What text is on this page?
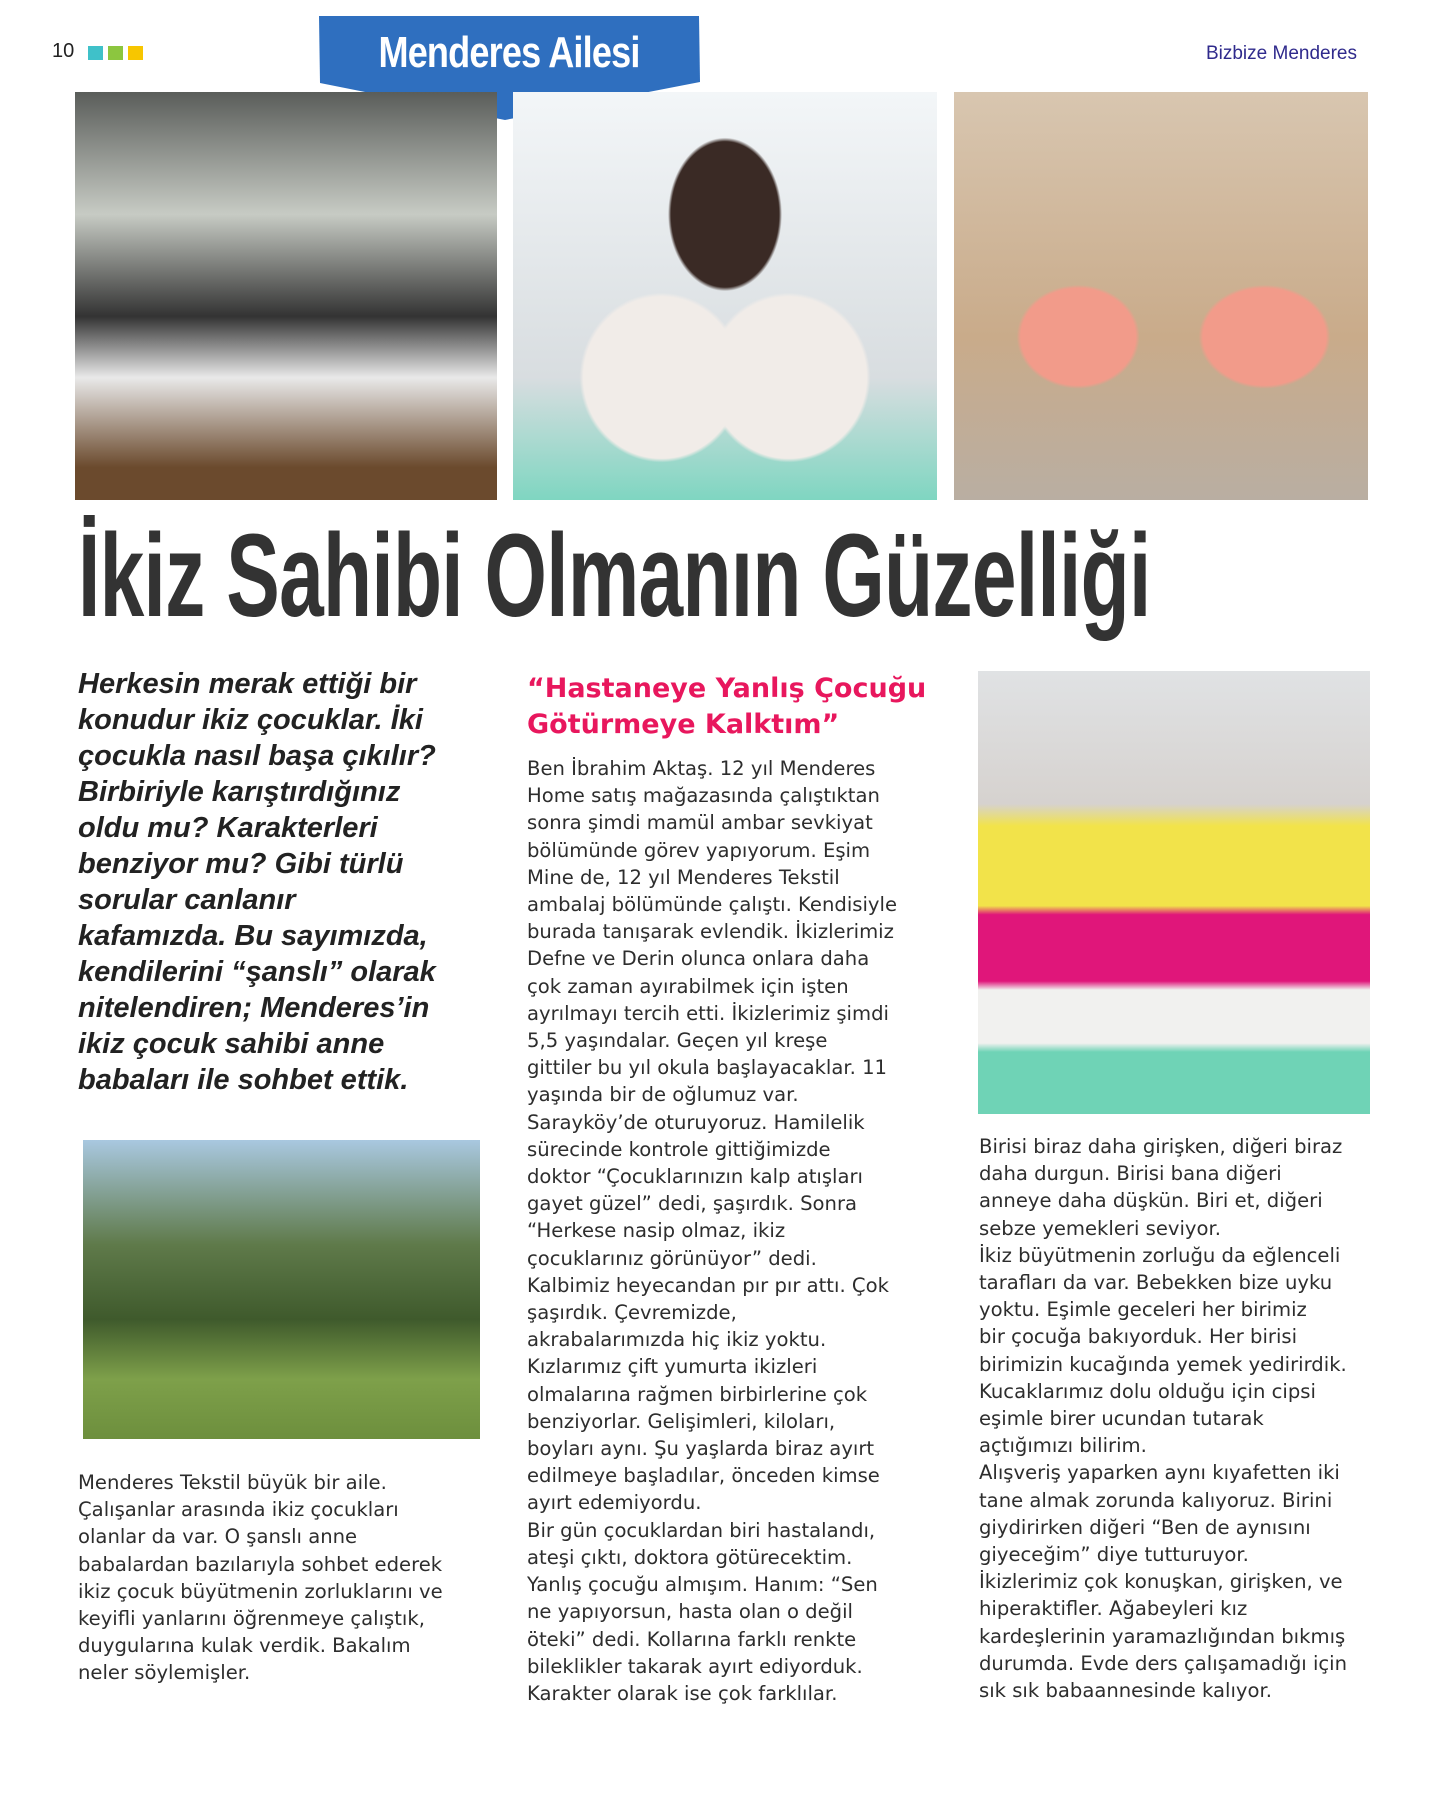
10	Menderes Ailesi	Bizbize Menderes
İkiz Sahibi Olmanın Güzelliği
Herkesin merak ettiği bir
konudur ikiz çocuklar. İki
çocukla nasıl başa çıkılır?
Birbiriyle karıştırdığınız
oldu mu? Karakterleri
benziyor mu? Gibi türlü
sorular canlanır
kafamızda. Bu sayımızda,
kendilerini “şanslı” olarak
nitelendiren; Menderes’in
ikiz çocuk sahibi anne
babaları ile sohbet ettik.
Menderes Tekstil büyük bir aile.
Çalışanlar arasında ikiz çocukları
olanlar da var. O şanslı anne
babalardan bazılarıyla sohbet ederek
ikiz çocuk büyütmenin zorluklarını ve
keyifli yanlarını öğrenmeye çalıştık,
duygularına kulak verdik. Bakalım
neler söylemişler.
“Hastaneye Yanlış Çocuğu
Götürmeye Kalktım”
Ben İbrahim Aktaş. 12 yıl Menderes
Home satış mağazasında çalıştıktan
sonra şimdi mamül ambar sevkiyat
bölümünde görev yapıyorum. Eşim
Mine de, 12 yıl Menderes Tekstil
ambalaj bölümünde çalıştı. Kendisiyle
burada tanışarak evlendik. İkizlerimiz
Defne ve Derin olunca onlara daha
çok zaman ayırabilmek için işten
ayrılmayı tercih etti. İkizlerimiz şimdi
5,5 yaşındalar. Geçen yıl kreşe
gittiler bu yıl okula başlayacaklar. 11
yaşında bir de oğlumuz var.
Sarayköy’de oturuyoruz. Hamilelik
sürecinde kontrole gittiğimizde
doktor “Çocuklarınızın kalp atışları
gayet güzel” dedi, şaşırdık. Sonra
“Herkese nasip olmaz, ikiz
çocuklarınız görünüyor” dedi.
Kalbimiz heyecandan pır pır attı. Çok
şaşırdık. Çevremizde,
akrabalarımızda hiç ikiz yoktu.
Kızlarımız çift yumurta ikizleri
olmalarına rağmen birbirlerine çok
benziyorlar. Gelişimleri, kiloları,
boyları aynı. Şu yaşlarda biraz ayırt
edilmeye başladılar, önceden kimse
ayırt edemiyordu.
Bir gün çocuklardan biri hastalandı,
ateşi çıktı, doktora götürecektim.
Yanlış çocuğu almışım. Hanım: “Sen
ne yapıyorsun, hasta olan o değil
öteki” dedi. Kollarına farklı renkte
bileklikler takarak ayırt ediyorduk.
Karakter olarak ise çok farklılar.
Birisi biraz daha girişken, diğeri biraz
daha durgun. Birisi bana diğeri
anneye daha düşkün. Biri et, diğeri
sebze yemekleri seviyor.
İkiz büyütmenin zorluğu da eğlenceli
tarafları da var. Bebekken bize uyku
yoktu. Eşimle geceleri her birimiz
bir çocuğa bakıyorduk. Her birisi
birimizin kucağında yemek yedirirdik.
Kucaklarımız dolu olduğu için cipsi
eşimle birer ucundan tutarak
açtığımızı bilirim.
Alışveriş yaparken aynı kıyafetten iki
tane almak zorunda kalıyoruz. Birini
giydirirken diğeri “Ben de aynısını
giyeceğim” diye tutturuyor.
İkizlerimiz çok konuşkan, girişken, ve
hiperaktifler. Ağabeyleri kız
kardeşlerinin yaramazlığından bıkmış
durumda. Evde ders çalışamadığı için
sık sık babaannesinde kalıyor.
